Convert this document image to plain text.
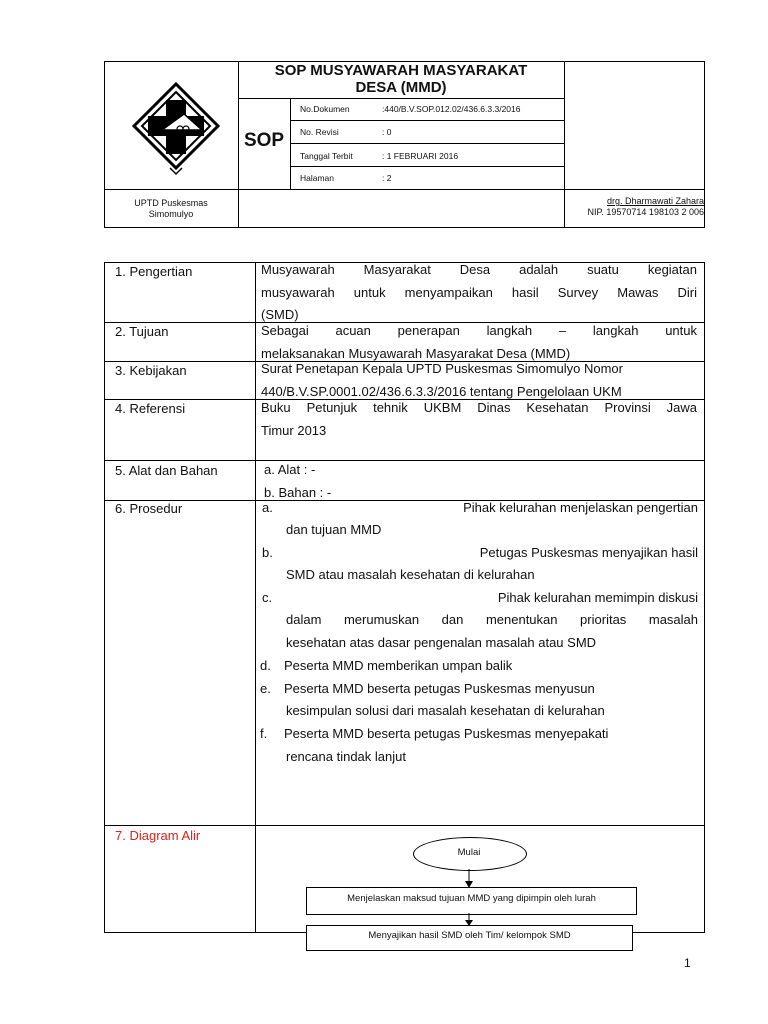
SOP MUSYAWARAH MASYARAKAT
DESA (MMD)
SOP
No.Dokumen	:440/B.V.SOP.012.02/436.6.3.3/2016
No. Revisi	: 0
Tanggal Terbit	: 1 FEBRUARI 2016
Halaman	: 2
UPTD Puskesmas
Simomulyo
drg. Dharmawati Zahara
NIP. 19570714 198103 2 006
1. Pengertian	Musyawarah Masyarakat Desa adalah suatu kegiatan
musyawarah untuk menyampaikan hasil Survey Mawas Diri
(SMD)
2. Tujuan	Sebagai acuan penerapan langkah – langkah untuk
melaksanakan Musyawarah Masyarakat Desa (MMD)
3. Kebijakan	Surat Penetapan Kepala UPTD Puskesmas Simomulyo Nomor
440/B.V.SP.0001.02/436.6.3.3/2016 tentang Pengelolaan UKM
4. Referensi	Buku Petunjuk tehnik UKBM Dinas Kesehatan Provinsi Jawa
Timur 2013
5. Alat dan Bahan	a. Alat : -
b. Bahan : -
6. Prosedur	a.	Pihak kelurahan menjelaskan pengertian
dan tujuan MMD
b.	Petugas Puskesmas menyajikan hasil
SMD atau masalah kesehatan di kelurahan
c.	Pihak kelurahan memimpin diskusi
dalam merumuskan dan menentukan prioritas masalah
kesehatan atas dasar pengenalan masalah atau SMD
d. Peserta MMD memberikan umpan balik
e. Peserta MMD beserta petugas Puskesmas menyusun
kesimpulan solusi dari masalah kesehatan di kelurahan
f. Peserta MMD beserta petugas Puskesmas menyepakati
rencana tindak lanjut
7. Diagram Alir
Mulai
Menjelaskan maksud tujuan MMD yang dipimpin oleh lurah
Menyajikan hasil SMD oleh Tim/ kelompok SMD
1
